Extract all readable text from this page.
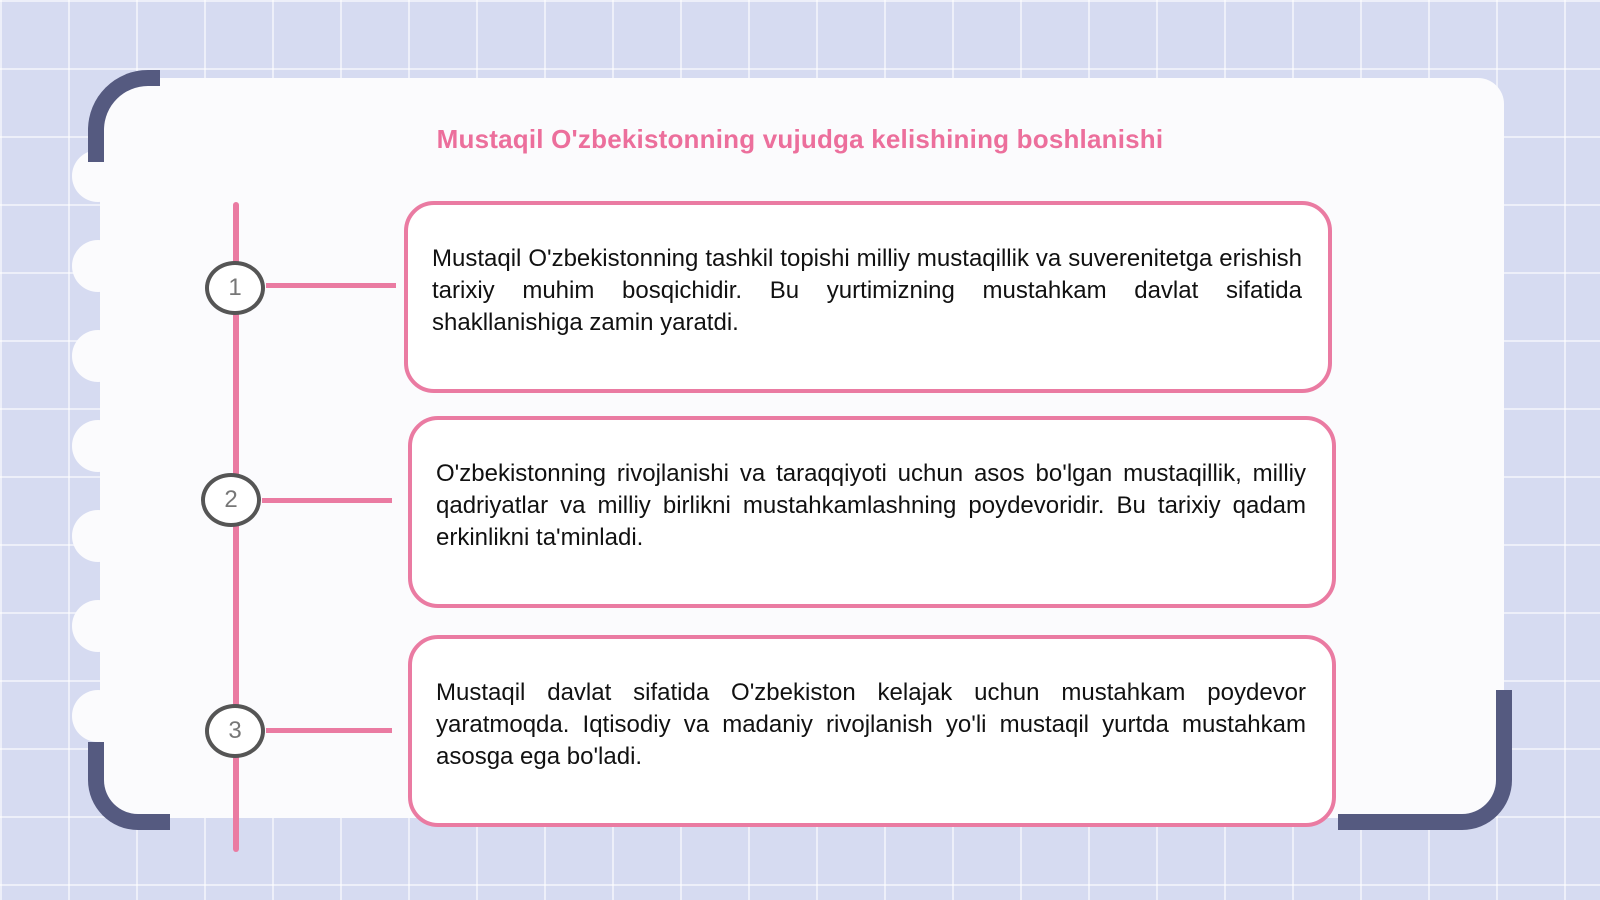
Mustaqil O'zbekistonning vujudga kelishining boshlanishi
1
2
3

Mustaqil O'zbekistonning tashkil topishi milliy mustaqillik va suverenitetga erishish tarixiy muhim bosqichidir. Bu yurtimizning mustahkam davlat sifatida shakllanishiga zamin yaratdi.

O'zbekistonning rivojlanishi va taraqqiyoti uchun asos bo'lgan mustaqillik, milliy qadriyatlar va milliy birlikni mustahkamlashning poydevoridir. Bu tarixiy qadam erkinlikni ta'minladi.

Mustaqil davlat sifatida O'zbekiston kelajak uchun mustahkam poydevor yaratmoqda. Iqtisodiy va madaniy rivojlanish yo'li mustaqil yurtda mustahkam asosga ega bo'ladi.
